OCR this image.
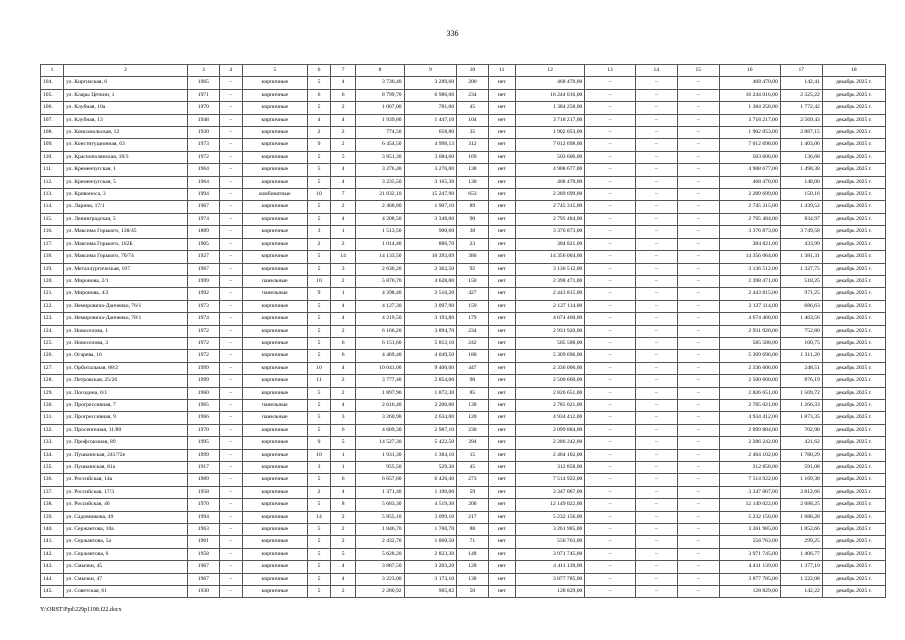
336
1	2	3	4	5	6	7	8	9	10	11	12	13	14	15	16	17	18
104.	ул. Киргизская, 6	1965	–	кирпичные	5	4	3 730,40	3 289,60	200	нет	468 470,00	–	–	–	468 470,00	142,41	декабрь 2025 г.
105.	ул. Клары Цеткин, 1	1971	–	кирпичные	6	6	8 799,70	6 986,00	234	нет	16 244 016,00	–	–	–	16 244 016,00	2 325,22	декабрь 2025 г.
106.	ул. Клубная, 10а	1970	–	кирпичные	5	2	1 067,00	781,00	45	нет	1 384 258,00	–	–	–	1 384 258,00	1 772,42	декабрь 2025 г.
107.	ул. Клубная, 13	1948	–	кирпичные	4	4	1 939,80	1 447,10	104	нет	3 718 217,00	–	–	–	3 718 217,00	2 569,43	декабрь 2025 г.
108.	ул. Комсомольская, 12	1930	–	кирпичные	2	2	774,50	658,80	35	нет	1 902 053,00	–	–	–	1 902 053,00	2 887,15	декабрь 2025 г.
109.	ул. Конституционная, 63	1973	–	кирпичные	9	2	6 454,50	4 998,13	312	нет	7 012 698,00	–	–	–	7 012 698,00	1 403,06	декабрь 2025 г.
110.	ул. Краснополянская, 18/3	1972	–	кирпичные	5	5	3 851,30	3 684,60	169	нет	503 606,00	–	–	–	503 606,00	136,68	декабрь 2025 г.
111.	ул. Кременчугская, 1	1964	–	кирпичные	5	4	3 276,40	3 276,00	138	нет	4 908 677,00	–	–	–	4 908 677,00	1 498,38	декабрь 2025 г.
112.	ул. Кременчугская, 5	1964	–	кирпичные	5	4	3 235,50	3 165,30	130	нет	468 470,00	–	–	–	468 470,00	148,00	декабрь 2025 г.
113.	ул. Кривоноса, 3	1994	–	комбинатные	10	7	21 032,10	15 247,90	653	нет	2 289 699,00	–	–	–	2 289 699,00	150,16	декабрь 2025 г.
114.	ул. Ларина, 17/1	1967	–	кирпичные	5	2	2 468,80	1 907,10	89	нет	2 745 315,00	–	–	–	2 745 315,00	1 439,52	декабрь 2025 г.
115.	ул. Ленинградская, 5	1974	–	кирпичные	5	4	4 208,50	3 348,00	90	нет	2 795 484,00	–	–	–	2 795 484,00	834,97	декабрь 2025 г.
116.	ул. Максима Горького, 138/45	1889	–	кирпичные	3	1	1 513,50	900,60	38	нет	3 376 873,00	–	–	–	3 376 873,00	3 749,58	декабрь 2025 г.
117.	ул. Максима Горького, 162Б	1905	–	кирпичные	2	2	1 014,40	886,70	23	нет	384 821,00	–	–	–	384 821,00	433,99	декабрь 2025 г.
118.	ул. Максима Горького, 70/74	1927	–	кирпичные	5	14	14 133,50	10 393,09	386	нет	14 356 064,00	–	–	–	14 356 064,00	1 381,31	декабрь 2025 г.
119.	ул. Металлургическая, 107	1967	–	кирпичные	5	3	2 630,20	2 362,50	92	нет	3 136 512,00	–	–	–	3 136 512,00	1 327,75	декабрь 2025 г.
120.	ул. Миронова, 2/1	1999	–	панельные	10	2	5 870,70	4 628,00	150	нет	2 398 471,00	–	–	–	2 398 471,00	518,25	декабрь 2025 г.
121.	ул. Миронова, 4/2	1992	–	панельные	9	1	4 398,40	2 516,20	427	нет	2 443 815,00	–	–	–	2 443 815,00	971,25	декабрь 2025 г.
122.	ул. Немировича-Данченко, 76/1	1973	–	кирпичные	5	4	4 127,30	3 097,90	159	нет	2 127 114,00	–	–	–	2 127 114,00	686,63	декабрь 2025 г.
123.	ул. Немировича-Данченко, 78/1	1974	–	кирпичные	5	4	4 219,50	3 193,80	179	нет	4 674 460,00	–	–	–	4 674 460,00	1 463,56	декабрь 2025 г.
124.	ул. Новоселова, 1	1972	–	кирпичные	5	2	6 166,20	3 894,70	234	нет	2 931 920,00	–	–	–	2 931 920,00	752,80	декабрь 2025 г.
125.	ул. Новоселова, 3	1972	–	кирпичные	5	6	6 151,60	5 812,10	242	нет	585 588,00	–	–	–	585 588,00	100,75	декабрь 2025 г.
126.	ул. Огарева, 16	1972	–	кирпичные	5	6	4 469,40	4 049,50	180	нет	5 309 696,00	–	–	–	5 309 696,00	1 311,20	декабрь 2025 г.
127.	ул. Орбитальная, 88/2	1999	–	кирпичные	10	4	10 041,00	9 400,00	447	нет	2 336 006,00	–	–	–	2 336 006,00	248,51	декабрь 2025 г.
128.	ул. Петровская, 25/26	1999	–	кирпичные	11	2	3 777,40	2 854,00	90	нет	2 500 660,00	–	–	–	2 500 660,00	876,19	декабрь 2025 г.
129.	ул. Погодина, 6/1	1960	–	кирпичные	5	2	1 897,90	1 872,30	85	нет	2 826 651,00	–	–	–	2 826 651,00	1 509,72	декабрь 2025 г.
130.	ул. Прогрессивная, 7	1965	–	панельные	5	4	2 616,40	2 200,00	138	нет	2 785 021,00	–	–	–	2 785 021,00	1 266,33	декабрь 2025 г.
131.	ул. Прогрессивная, 9	1966	–	панельные	5	3	3 260,90	2 634,00	120	нет	4 934 412,00	–	–	–	4 934 412,00	1 873,35	декабрь 2025 г.
132.	ул. Просепичная, 11/80	1970	–	кирпичные	5	6	4 609,30	2 987,10	230	нет	2 099 884,00	–	–	–	2 099 884,00	702,98	декабрь 2025 г.
133.	ул. Профсоюзная, 89	1995	–	кирпичные	9	5	14 527,30	5 422,50	394	нет	2 286 242,00	–	–	–	2 286 242,00	421,62	декабрь 2025 г.
134.	ул. Пушкинская, 241/72е	1999	–	кирпичные	10	1	1 931,30	1 384,10	15	нет	2 464 102,00	–	–	–	2 464 102,00	1 780,29	декабрь 2025 г.
135.	ул. Пушкинская, 81а	1917	–	кирпичные	3	1	955,50	529,30	45	нет	312 858,00	–	–	–	312 858,00	591,08	декабрь 2025 г.
136.	ул. Российская, 14а	1989	–	кирпичные	5	6	6 657,60	6 426,40	273	нет	7 514 922,00	–	–	–	7 514 922,00	1 169,38	декабрь 2025 г.
137.	ул. Российская, 17/3	1958	–	кирпичные	2	4	1 371,40	1 190,00	59	нет	3 347 067,00	–	–	–	3 347 067,00	2 812,66	декабрь 2025 г.
138.	ул. Российская, 46	1970	–	кирпичные	5	8	5 683,30	4 519,30	200	нет	12 149 022,00	–	–	–	12 149 022,00	2 688,25	декабрь 2025 г.
139.	ул. Садовникова, 49	1994	–	кирпичные	14	2	5 855,10	3 099,10	217	нет	5 232 156,00	–	–	–	5 232 156,00	1 688,28	декабрь 2025 г.
140.	ул. Сержантова, 10а	1963	–	кирпичные	5	2	1 846,70	1 760,70	88	нет	3 261 985,00	–	–	–	3 261 985,00	1 852,66	декабрь 2025 г.
141.	ул. Сержантова, 5а	1961	–	кирпичные	5	2	2 432,70	1 860,50	71	нет	556 763,00	–	–	–	556 763,00	299,25	декабрь 2025 г.
142.	ул. Сержантова, 6	1958	–	кирпичные	5	5	5 628,20	2 823,30	148	нет	3 971 745,00	–	–	–	3 971 745,00	1 406,77	декабрь 2025 г.
143.	ул. Смычки, 45	1967	–	кирпичные	5	4	3 887,50	3 203,20	128	нет	4 411 139,00	–	–	–	4 411 139,00	1 377,10	декабрь 2025 г.
144.	ул. Смычки, 47	1967	–	кирпичные	5	4	3 223,00	3 173,10	138	нет	3 877 785,00	–	–	–	3 877 785,00	1 222,08	декабрь 2025 г.
145.	ул. Советская, 61	1930	–	кирпичные	5	2	2 280,92	905,82	50	нет	128 829,00	–	–	–	128 829,00	142,22	декабрь 2025 г.
Y:\ORST\Ppd\229p1198.f22.docx
